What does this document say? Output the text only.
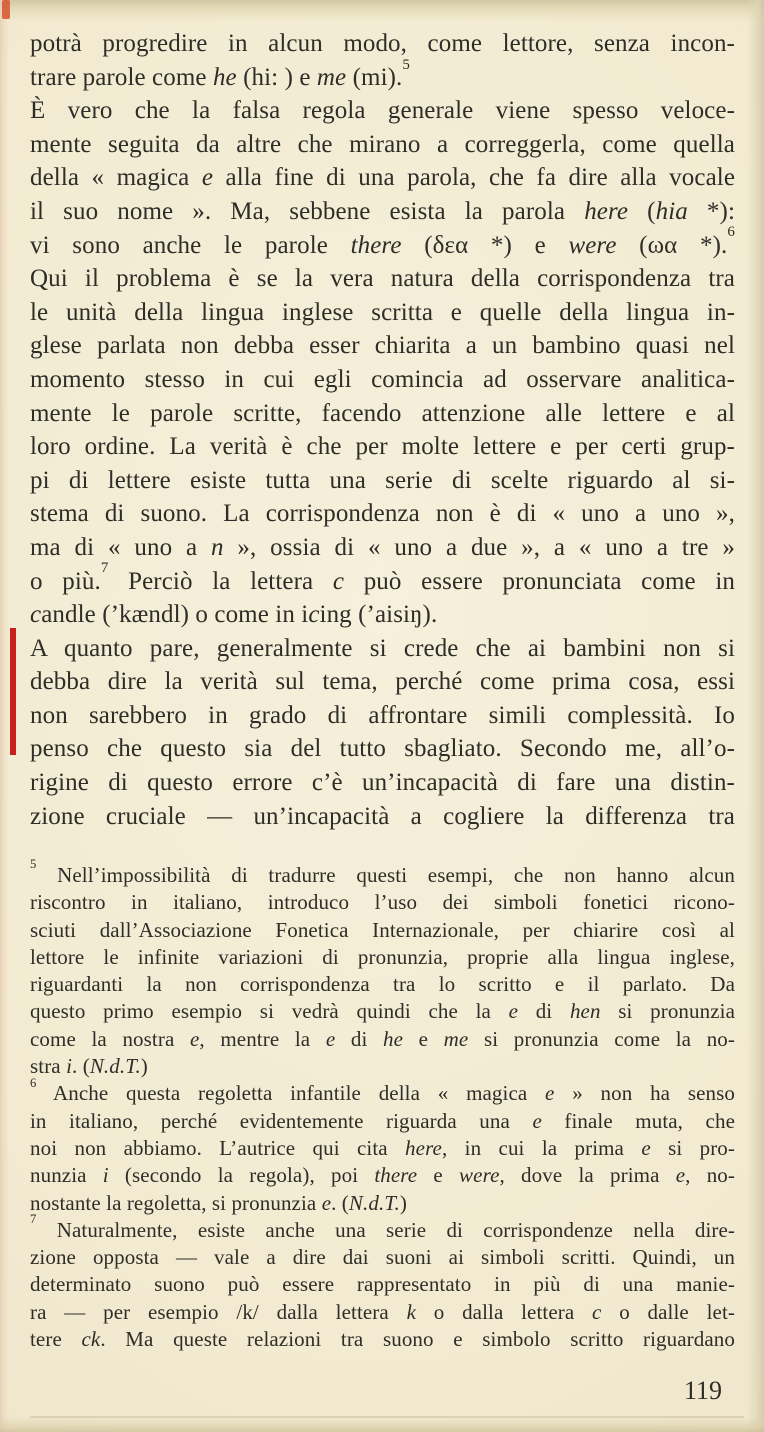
potrà progredire in alcun modo, come lettore, senza incon-
trare parole come he (hi: ) e me (mi).$^5$
È vero che la falsa regola generale viene spesso veloce-
mente seguita da altre che mirano a correggerla, come quella
della « magica e alla fine di una parola, che fa dire alla vocale
il suo nome ». Ma, sebbene esista la parola here (hia *):
vi sono anche le parole there (δεα *) e were (ωα *).$^6$
Qui il problema è se la vera natura della corrispondenza tra
le unità della lingua inglese scritta e quelle della lingua in-
glese parlata non debba esser chiarita a un bambino quasi nel
momento stesso in cui egli comincia ad osservare analitica-
mente le parole scritte, facendo attenzione alle lettere e al
loro ordine. La verità è che per molte lettere e per certi grup-
pi di lettere esiste tutta una serie di scelte riguardo al si-
stema di suono. La corrispondenza non è di « uno a uno »,
ma di « uno a n », ossia di « uno a due », a « uno a tre »
o più.$^7$ Perciò la lettera c può essere pronunciata come in
candle (’kændl) o come in icing (’aisiŋ).
A quanto pare, generalmente si crede che ai bambini non si
debba dire la verità sul tema, perché come prima cosa, essi
non sarebbero in grado di affrontare simili complessità. Io
penso che questo sia del tutto sbagliato. Secondo me, all’o-
rigine di questo errore c’è un’incapacità di fare una distin-
zione cruciale — un’incapacità a cogliere la differenza tra
$^5$ Nell’impossibilità di tradurre questi esempi, che non hanno alcun
riscontro in italiano, introduco l’uso dei simboli fonetici ricono-
sciuti dall’Associazione Fonetica Internazionale, per chiarire così al
lettore le infinite variazioni di pronunzia, proprie alla lingua inglese,
riguardanti la non corrispondenza tra lo scritto e il parlato. Da
questo primo esempio si vedrà quindi che la e di hen si pronunzia
come la nostra e, mentre la e di he e me si pronunzia come la no-
stra i. (N.d.T.)
$^6$ Anche questa regoletta infantile della « magica e » non ha senso
in italiano, perché evidentemente riguarda una e finale muta, che
noi non abbiamo. L’autrice qui cita here, in cui la prima e si pro-
nunzia i (secondo la regola), poi there e were, dove la prima e, no-
nostante la regoletta, si pronunzia e. (N.d.T.)
$^7$ Naturalmente, esiste anche una serie di corrispondenze nella dire-
zione opposta — vale a dire dai suoni ai simboli scritti. Quindi, un
determinato suono può essere rappresentato in più di una manie-
ra — per esempio /k/ dalla lettera k o dalla lettera c o dalle let-
tere ck. Ma queste relazioni tra suono e simbolo scritto riguardano
119
